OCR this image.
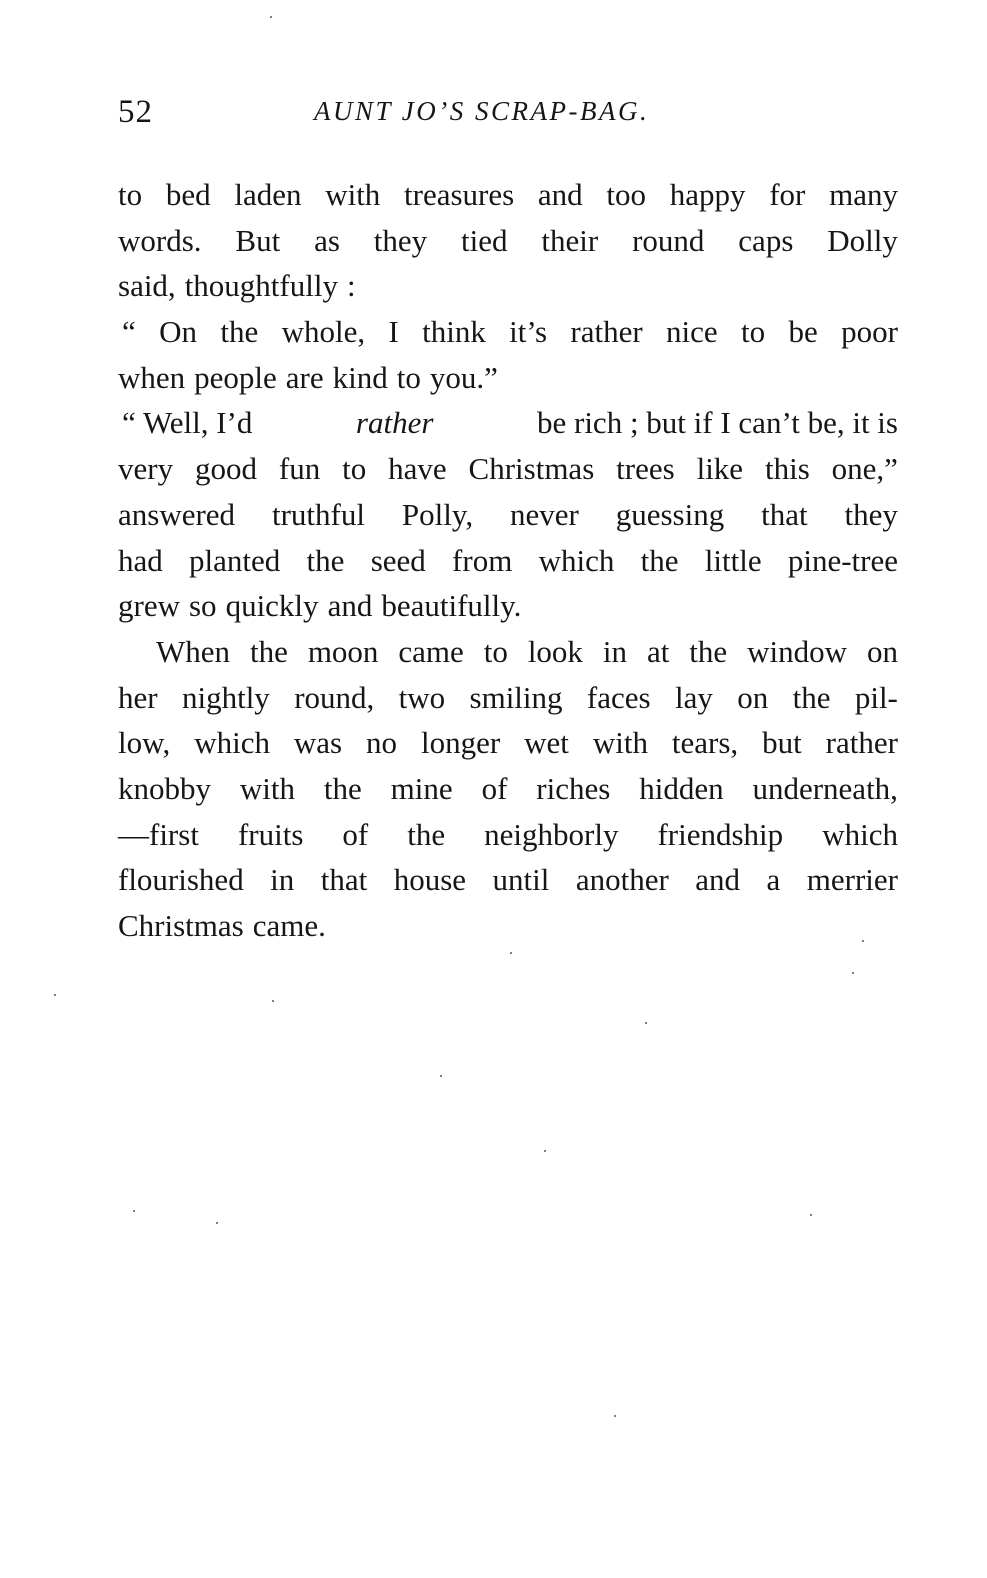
52	AUNT JO’S SCRAP-BAG.
to bed laden with treasures and too happy for many
words. But as they tied their round caps Dolly
said, thoughtfully :
“ On the whole, I think it’s rather nice to be poor
when people are kind to you.”
“ Well, I’d	rather	be rich ; but if I can’t be, it is
very good fun to have Christmas trees like this one,”
answered truthful Polly, never guessing that they
had planted the seed from which the little pine-tree
grew so quickly and beautifully.
When the moon came to look in at the window on
her nightly round, two smiling faces lay on the pil-
low, which was no longer wet with tears, but rather
knobby with the mine of riches hidden underneath,
—first fruits of the neighborly friendship which
flourished in that house until another and a merrier
Christmas came.
